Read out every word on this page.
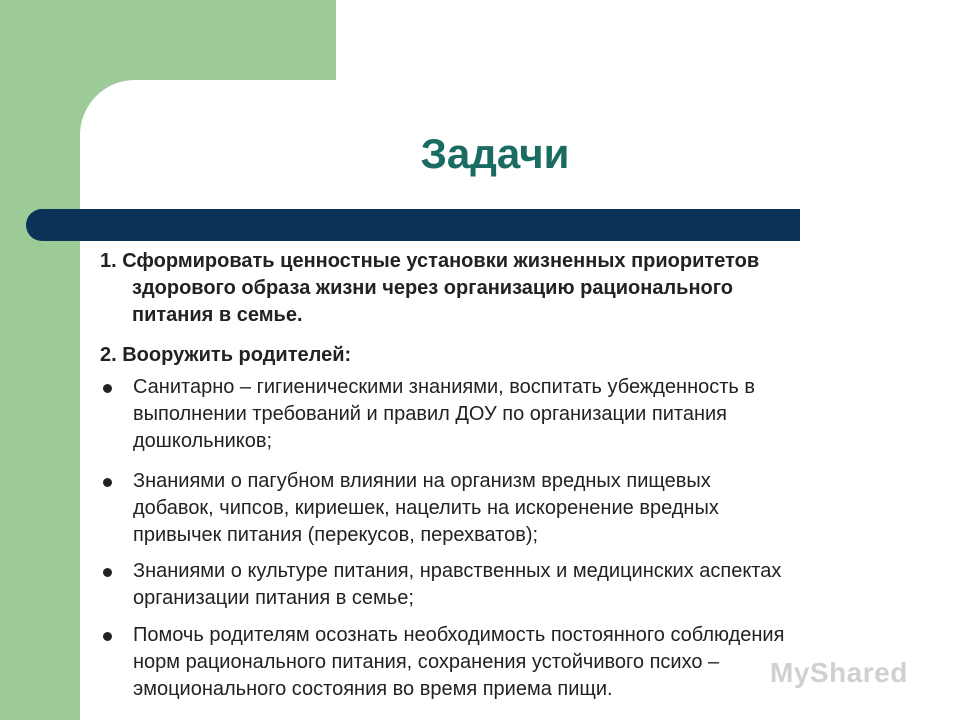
Задачи
1. Сформировать ценностные установки жизненных приоритетов
здорового образа жизни через организацию рационального
питания в семье.
2. Вооружить родителей:
Санитарно – гигиеническими знаниями, воспитать убежденность в
выполнении требований и правил ДОУ по организации питания
дошкольников;
Знаниями о пагубном влиянии на организм вредных пищевых
добавок, чипсов, кириешек, нацелить на искоренение вредных
привычек питания (перекусов, перехватов);
Знаниями о культуре питания, нравственных и медицинских аспектах
организации питания в семье;
Помочь родителям осознать необходимость постоянного соблюдения
норм рационального питания, сохранения устойчивого психо –
эмоционального состояния во время приема пищи.
MyShared
